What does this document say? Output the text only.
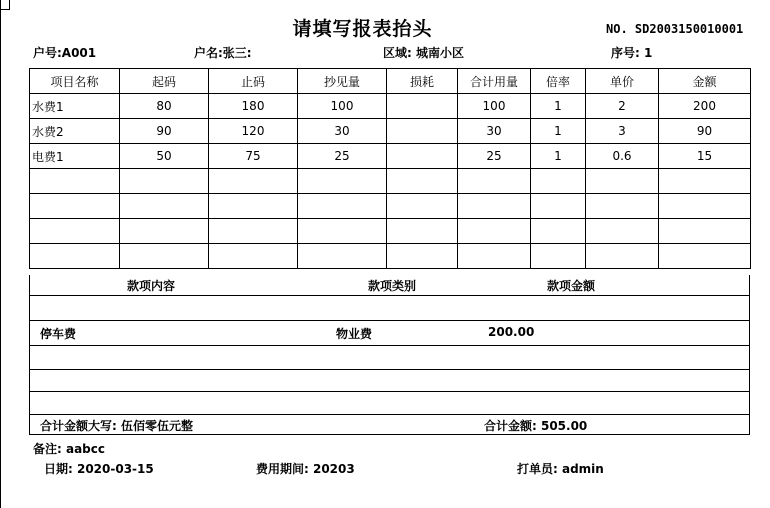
请填写报表抬头	NO. SD2003150010001
户号:A001	户名:张三:	区域: 城南小区	序号: 1
项目名称	起码	止码	抄见量	损耗	合计用量	倍率	单价	金额
水费1	80	180	100		100	1	2	200
水费2	90	120	30		30	1	3	90
电费1	50	75	25		25	1	0.6	15

款项内容	款项类别	款项金额
停车费	物业费	200.00
合计金额大写: 伍佰零伍元整	合计金额: 505.00
备注: aabcc
日期: 2020-03-15	费用期间: 20203	打单员: admin
